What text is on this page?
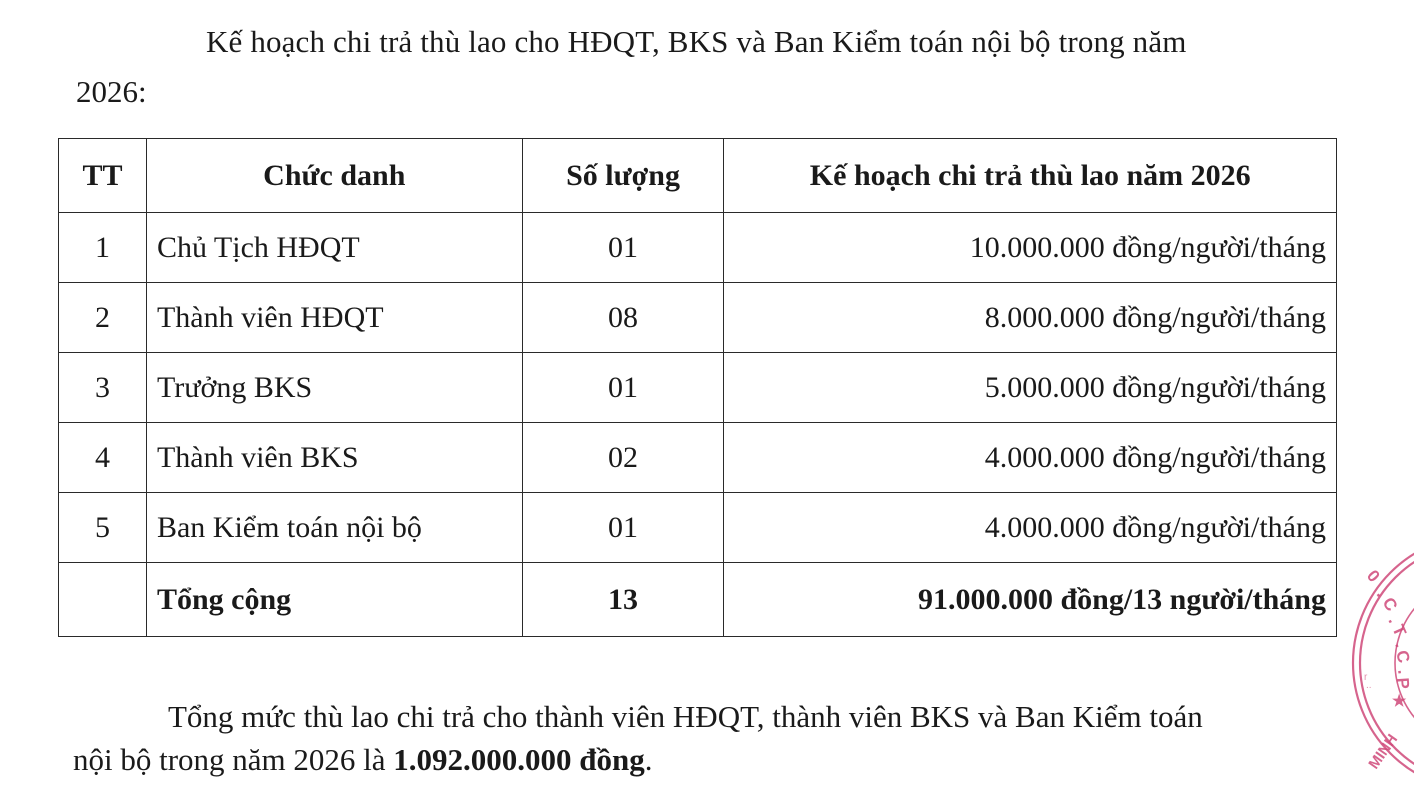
Kế hoạch chi trả thù lao cho HĐQT, BKS và Ban Kiểm toán nội bộ trong năm
2026:
TT	Chức danh	Số lượng	Kế hoạch chi trả thù lao năm 2026
1	Chủ Tịch HĐQT	01	10.000.000 đồng/người/tháng
2	Thành viên HĐQT	08	8.000.000 đồng/người/tháng
3	Trưởng BKS	01	5.000.000 đồng/người/tháng
4	Thành viên BKS	02	4.000.000 đồng/người/tháng
5	Ban Kiểm toán nội bộ	01	4.000.000 đồng/người/tháng
	Tổng cộng	13	91.000.000 đồng/13 người/tháng
Tổng mức thù lao chi trả cho thành viên HĐQT, thành viên BKS và Ban Kiểm toán
nội bộ trong năm 2026 là 1.092.000.000 đồng.
0
.
C
.
T
.
C
.
P
★
MINH
r
..
